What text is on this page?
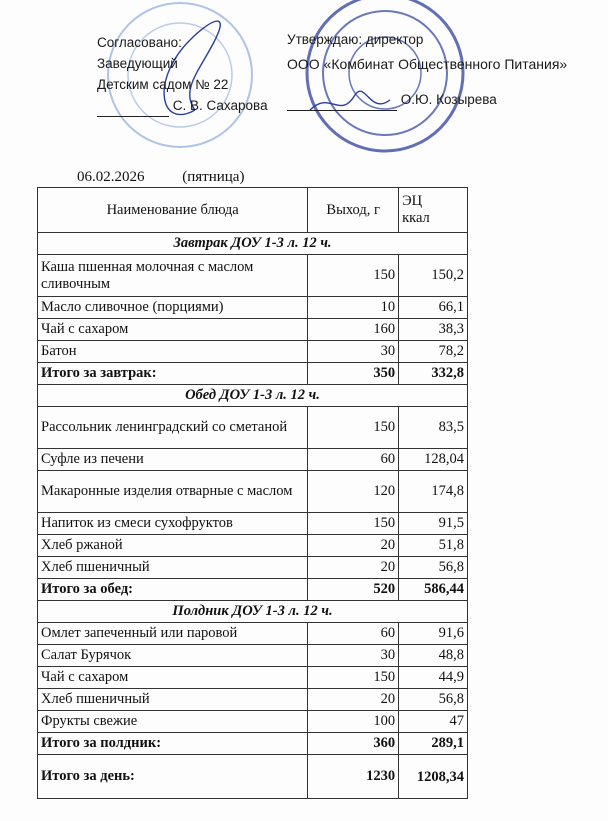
Согласовано:
Заведующий
Детским садом № 22
С. В. Сахарова
Утверждаю: директор
ООО «Комбинат Общественного Питания»
О.Ю. Козырева
06.02.2026	(пятница)
Наименование блюда	Выход, г	ЭЦ
ккал
Завтрак ДОУ 1-3 л. 12 ч.		
Каша пшенная молочная с маслом сливочным	150	150,2
Масло сливочное (порциями)	10	66,1
Чай с сахаром	160	38,3
Батон	30	78,2
Итого за завтрак:	350	332,8
Обед ДОУ 1-3 л. 12 ч.		
Рассольник ленинградский со сметаной	150	83,5
Суфле из печени	60	128,04
Макаронные изделия отварные с маслом	120	174,8
Напиток из смеси сухофруктов	150	91,5
Хлеб ржаной	20	51,8
Хлеб пшеничный	20	56,8
Итого за обед:	520	586,44
Полдник ДОУ 1-3 л. 12 ч.		
Омлет запеченный или паровой	60	91,6
Салат Бурячок	30	48,8
Чай с сахаром	150	44,9
Хлеб пшеничный	20	56,8
Фрукты свежие	100	47
Итого за полдник:	360	289,1
Итого за день:	1230	1208,34
